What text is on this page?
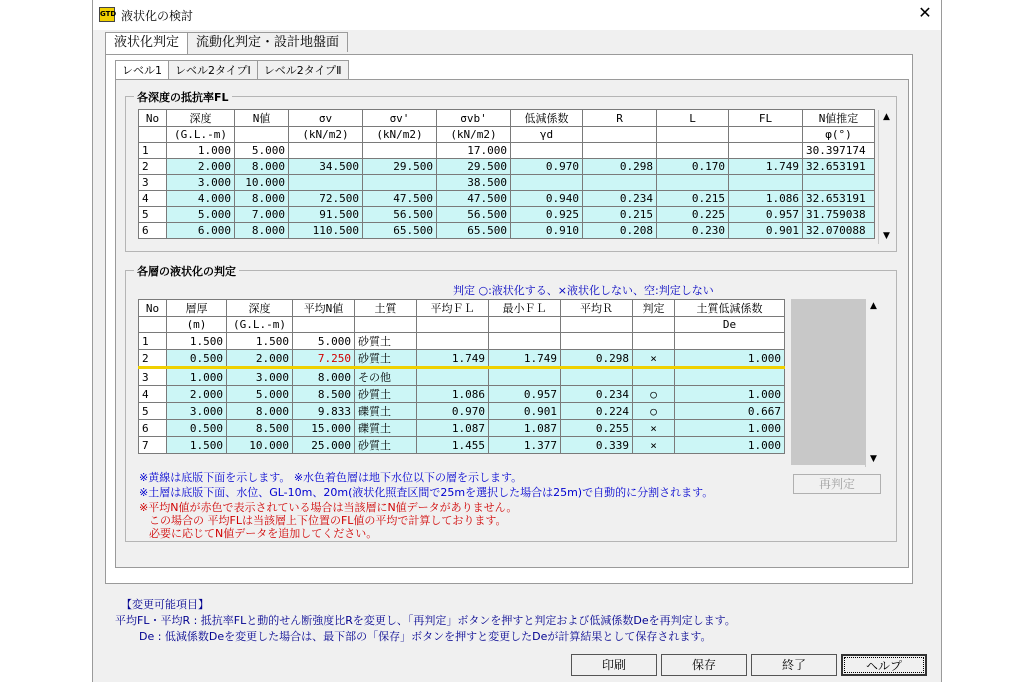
GTD 液状化の検討	✕
液状化判定 流動化判定・設計地盤面
レベル1 レベル2タイプⅠ レベル2タイプⅡ
各深度の抵抗率FL
No	深度	N値	σv	σv'	σvb'	低減係数	R	L	FL	N値推定
	(G.L.-m)		(kN/m2)	(kN/m2)	(kN/m2)	γd				φ(°)
1	1.000	5.000			17.000					30.397174
2	2.000	8.000	34.500	29.500	29.500	0.970	0.298	0.170	1.749	32.653191
3	3.000	10.000			38.500					
4	4.000	8.000	72.500	47.500	47.500	0.940	0.234	0.215	1.086	32.653191
5	5.000	7.000	91.500	56.500	56.500	0.925	0.215	0.225	0.957	31.759038
6	6.000	8.000	110.500	65.500	65.500	0.910	0.208	0.230	0.901	32.070088
▲
▼
各層の液状化の判定
判定 ○:液状化する、×液状化しない、空:判定しない
No	層厚	深度	平均N値	土質	平均ＦＬ	最小ＦＬ	平均Ｒ	判定	土質低減係数
	(m)	(G.L.-m)							De
1	1.500	1.500	5.000	砂質土					
2	0.500	2.000	7.250	砂質土	1.749	1.749	0.298	×	1.000
3	1.000	3.000	8.000	その他					
4	2.000	5.000	8.500	砂質土	1.086	0.957	0.234	○	1.000
5	3.000	8.000	9.833	礫質土	0.970	0.901	0.224	○	0.667
6	0.500	8.500	15.000	礫質土	1.087	1.087	0.255	×	1.000
7	1.500	10.000	25.000	砂質土	1.455	1.377	0.339	×	1.000
▲
▼
※黄線は底版下面を示します。 ※水色着色層は地下水位以下の層を示します。
※土層は底版下面、水位、GL-10m、20m(液状化照査区間で25mを選択した場合は25m)で自動的に分割されます。
※平均N値が赤色で表示されている場合は当該層にN値データがありません。
この場合の 平均FLは当該層上下位置のFL値の平均で計算しております。
必要に応じてN値データを追加してください。
再判定
【変更可能項目】
平均FL・平均R : 抵抗率FLと動的せん断強度比Rを変更し、「再判定」ボタンを押すと判定および低減係数Deを再判定します。
De : 低減係数Deを変更した場合は、最下部の「保存」ボタンを押すと変更したDeが計算結果として保存されます。
印刷	保存	終了	ヘルプ
